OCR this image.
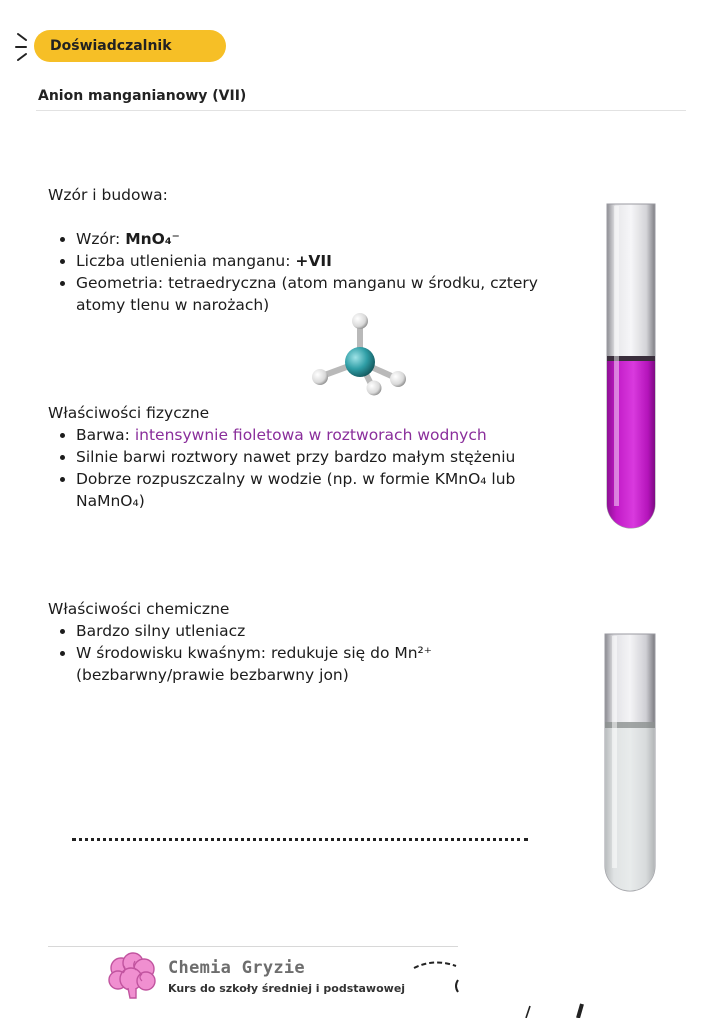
Doświadczalnik
Anion manganianowy (VII)
Wzór i budowa:
• Wzór: MnO₄⁻
• Liczba utlenienia manganu: +VII
• Geometria: tetraedryczna (atom manganu w środku, cztery atomy tlenu w narożach)
Właściwości fizyczne
• Barwa: intensywnie fioletowa w roztworach wodnych
• Silnie barwi roztwory nawet przy bardzo małym stężeniu
• Dobrze rozpuszczalny w wodzie (np. w formie KMnO₄ lub NaMnO₄)
Właściwości chemiczne
• Bardzo silny utleniacz
• W środowisku kwaśnym: redukuje się do Mn²⁺ (bezbarwny/prawie bezbarwny jon)
Chemia Gryzie
Kurs do szkoły średniej i podstawowej
